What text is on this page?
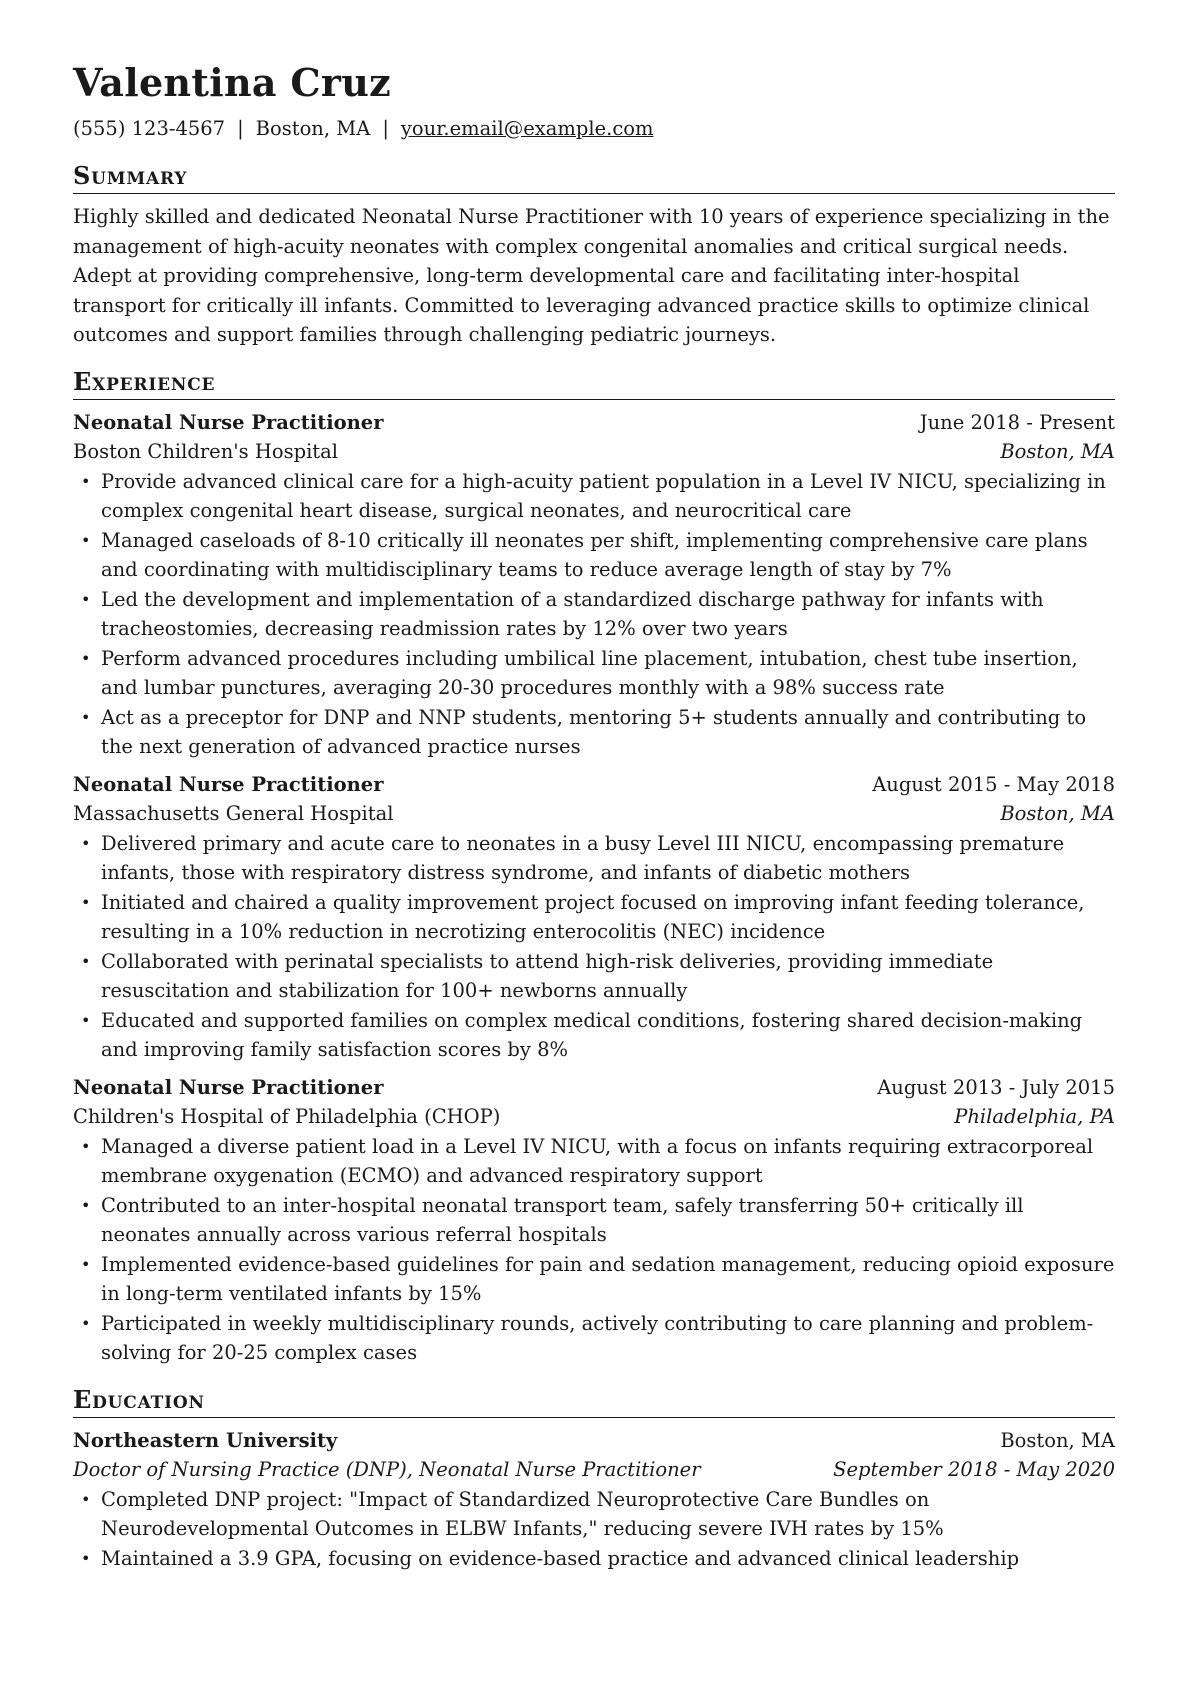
Valentina Cruz
(555) 123-4567 | Boston, MA | your.email@example.com
Summary

Highly skilled and dedicated Neonatal Nurse Practitioner with 10 years of experience specializing in the management of high-acuity neonates with complex congenital anomalies and critical surgical needs. Adept at providing comprehensive, long-term developmental care and facilitating inter-hospital transport for critically ill infants. Committed to leveraging advanced practice skills to optimize clinical outcomes and support families through challenging pediatric journeys.

Experience
Neonatal Nurse Practitioner	June 2018 - Present
Boston Children's Hospital	Boston, MA
• Provide advanced clinical care for a high-acuity patient population in a Level IV NICU, specializing in complex congenital heart disease, surgical neonates, and neurocritical care
• Managed caseloads of 8-10 critically ill neonates per shift, implementing comprehensive care plans and coordinating with multidisciplinary teams to reduce average length of stay by 7%
• Led the development and implementation of a standardized discharge pathway for infants with tracheostomies, decreasing readmission rates by 12% over two years
• Perform advanced procedures including umbilical line placement, intubation, chest tube insertion, and lumbar punctures, averaging 20-30 procedures monthly with a 98% success rate
• Act as a preceptor for DNP and NNP students, mentoring 5+ students annually and contributing to the next generation of advanced practice nurses
Neonatal Nurse Practitioner	August 2015 - May 2018
Massachusetts General Hospital	Boston, MA
• Delivered primary and acute care to neonates in a busy Level III NICU, encompassing premature infants, those with respiratory distress syndrome, and infants of diabetic mothers
• Initiated and chaired a quality improvement project focused on improving infant feeding tolerance, resulting in a 10% reduction in necrotizing enterocolitis (NEC) incidence
• Collaborated with perinatal specialists to attend high-risk deliveries, providing immediate resuscitation and stabilization for 100+ newborns annually
• Educated and supported families on complex medical conditions, fostering shared decision-making and improving family satisfaction scores by 8%
Neonatal Nurse Practitioner	August 2013 - July 2015
Children's Hospital of Philadelphia (CHOP)	Philadelphia, PA
• Managed a diverse patient load in a Level IV NICU, with a focus on infants requiring extracorporeal membrane oxygenation (ECMO) and advanced respiratory support
• Contributed to an inter-hospital neonatal transport team, safely transferring 50+ critically ill neonates annually across various referral hospitals
• Implemented evidence-based guidelines for pain and sedation management, reducing opioid exposure in long-term ventilated infants by 15%
• Participated in weekly multidisciplinary rounds, actively contributing to care planning and problem-solving for 20-25 complex cases
Education
Northeastern University	Boston, MA
Doctor of Nursing Practice (DNP), Neonatal Nurse Practitioner	September 2018 - May 2020
• Completed DNP project: "Impact of Standardized Neuroprotective Care Bundles on Neurodevelopmental Outcomes in ELBW Infants," reducing severe IVH rates by 15%
• Maintained a 3.9 GPA, focusing on evidence-based practice and advanced clinical leadership
